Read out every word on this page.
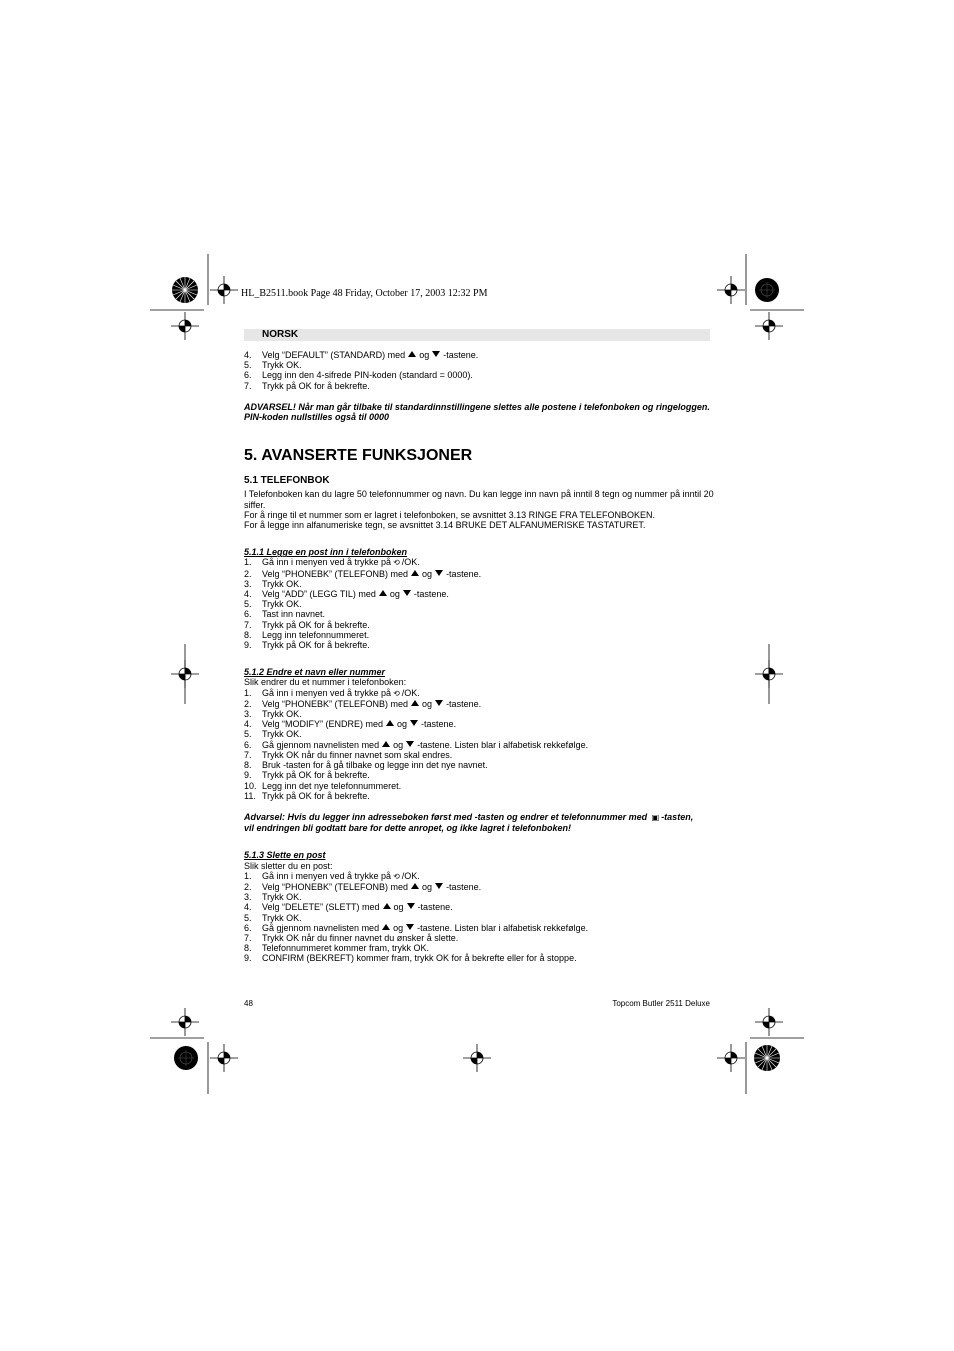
HL_B2511.book Page 48 Friday, October 17, 2003 12:32 PM
NORSK
4.	Velg “DEFAULT” (STANDARD) med og -tastene.
5.	Trykk OK.
6.	Legg inn den 4-sifrede PIN-koden (standard = 0000).
7.	Trykk på OK for å bekrefte.
ADVARSEL! Når man går tilbake til standardinnstillingene slettes alle postene i telefonboken og ringeloggen. PIN-koden nullstilles også til 0000
5. AVANSERTE FUNKSJONER
5.1 TELEFONBOK
I Telefonboken kan du lagre 50 telefonnummer og navn. Du kan legge inn navn på inntil 8 tegn og nummer på inntil 20 siffer.
For å ringe til et nummer som er lagret i telefonboken, se avsnittet 3.13 RINGE FRA TELEFONBOKEN.
For å legge inn alfanumeriske tegn, se avsnittet 3.14 BRUKE DET ALFANUMERISKE TASTATURET.
5.1.1 Legge en post inn i telefonboken
1.	Gå inn i menyen ved å trykke på ⟲ /OK.
2.	Velg “PHONEBK” (TELEFONB) med og -tastene.
3.	Trykk OK.
4.	Velg “ADD” (LEGG TIL) med og -tastene.
5.	Trykk OK.
6.	Tast inn navnet.
7.	Trykk på OK for å bekrefte.
8.	Legg inn telefonnummeret.
9.	Trykk på OK for å bekrefte.
5.1.2 Endre et navn eller nummer
Slik endrer du et nummer i telefonboken:
1.	Gå inn i menyen ved å trykke på ⟲ /OK.
2.	Velg “PHONEBK” (TELEFONB) med og -tastene.
3.	Trykk OK.
4.	Velg “MODIFY” (ENDRE) med og -tastene.
5.	Trykk OK.
6.	Gå gjennom navnelisten med og -tastene. Listen blar i alfabetisk rekkefølge.
7.	Trykk OK når du finner navnet som skal endres.
8.	Bruk -tasten for å gå tilbake og legge inn det nye navnet.
9.	Trykk på OK for å bekrefte.
10. Legg inn det nye telefonnummeret.
11. Trykk på OK for å bekrefte.
Advarsel: Hvis du legger inn adresseboken først med -tasten og endrer et telefonnummer med ▣ -tasten,
vil endringen bli godtatt bare for dette anropet, og ikke lagret i telefonboken!
5.1.3 Slette en post
Slik sletter du en post:
1.	Gå inn i menyen ved å trykke på ⟲ /OK.
2.	Velg “PHONEBK” (TELEFONB) med og -tastene.
3.	Trykk OK.
4.	Velg “DELETE” (SLETT) med og -tastene.
5.	Trykk OK.
6.	Gå gjennom navnelisten med og -tastene. Listen blar i alfabetisk rekkefølge.
7.	Trykk OK når du finner navnet du ønsker å slette.
8.	Telefonnummeret kommer fram, trykk OK.
9.	CONFIRM (BEKREFT) kommer fram, trykk OK for å bekrefte eller for å stoppe.
48	Topcom Butler 2511 Deluxe
